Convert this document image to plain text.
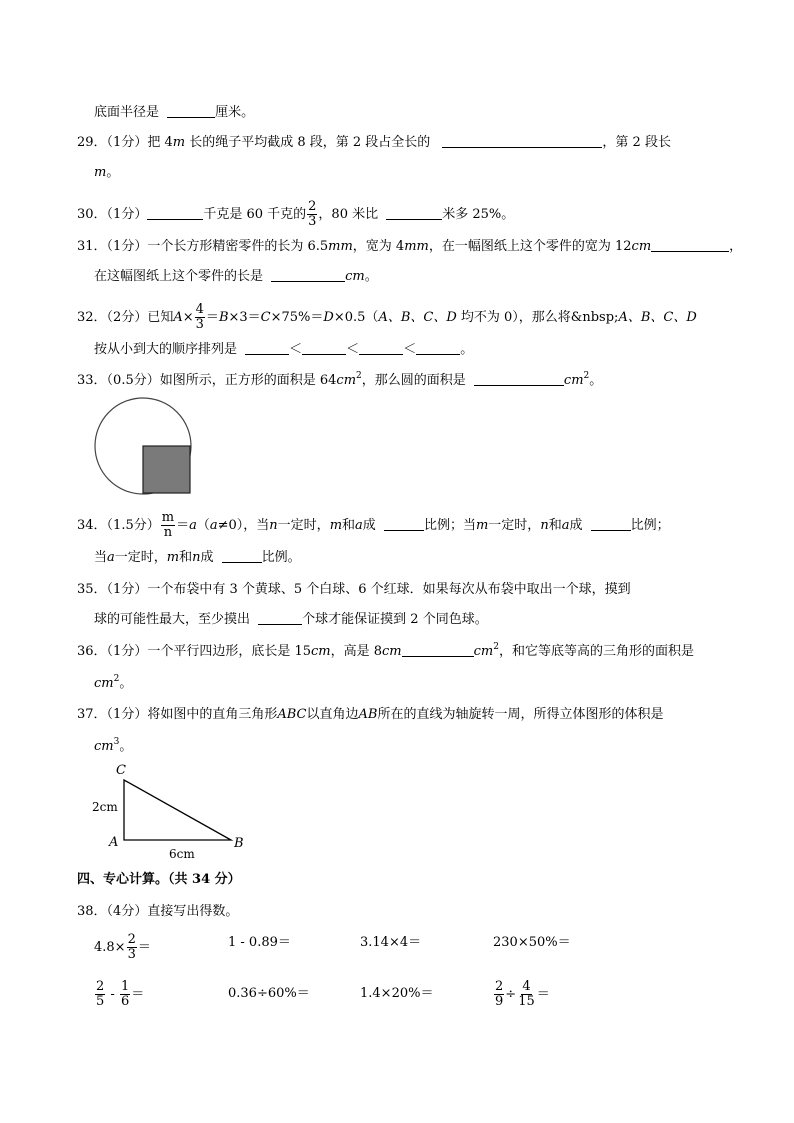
底面半径是	厘米。
29．（1分）把 4m 长的绳子平均截成 8 段，第 2 段占全长的	，第 2 段长
m。
30．（1分）	千克是 60 千克的 $\frac{2}{3}$ ，80 米比	米多 25%。
31．（1分）一个长方形精密零件的长为 6.5mm，宽为 4mm，在一幅图纸上这个零件的宽为 12cm	，
在这幅图纸上这个零件的长是	cm。
32．（2分）已知$A\times \frac{4}{3} =B\times 3=C\times 75\%=D\times 0.5(A$、B、C、D 均不为 0），那么将&nbsp;A、B、C、D
按从小到大的顺序排列是	＜	＜	＜	。
33．（0.5分）如图所示，正方形的面积是 $64cm^2$，那么圆的面积是	$cm^2$。
34．（1.5分） $\frac{m}{n} =a(a\ne 0)$，当n一定时，m和a成	比例；当m一定时，n和a成	比例；
当a一定时，m和n成	比例。
35．（1分）一个布袋中有 3 个黄球、5 个白球、6 个红球．如果每次从布袋中取出一个球，摸到
球的可能性最大，至少摸出	个球才能保证摸到 2 个同色球。
36．（1分）一个平行四边形，底长是 15cm，高是 8cm	$cm^2$，和它等底等高的三角形的面积是
$cm^2$。
37．（1分）将如图中的直角三角形ABC以直角边AB所在的直线为轴旋转一周，所得立体图形的体积是
$cm^3$。
C
A	B
2cm
6cm
四、专心计算。（共 34 分）
38．（4分）直接写出得数。
$4.8\times \frac{2}{3}$ ＝	1 - 0.89＝	3.14×4＝	230×50%＝
$\frac{2}{5} - \frac{1}{6}$ ＝	0.36÷60%＝	1.4×20%＝	$\frac{2}{9} \div \frac{4}{15}$ ＝
